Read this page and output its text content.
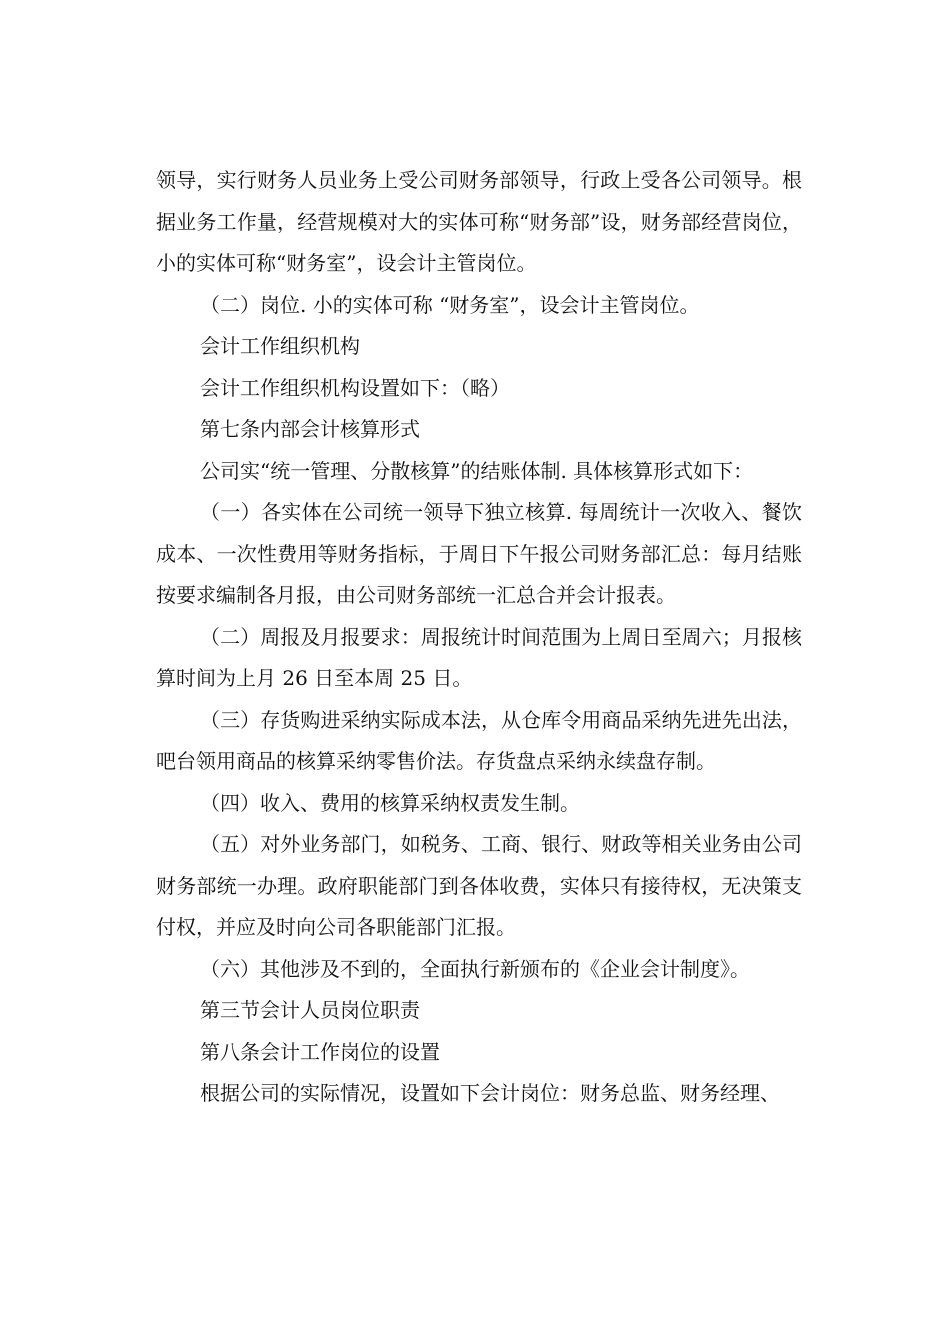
领导，实行财务人员业务上受公司财务部领导，行政上受各公司领导。根据业务工作量，经营规模对大的实体可称“财务部”设，财务部经营岗位，小的实体可称“财务室”，设会计主管岗位。

（二）岗位. 小的实体可称 “财务室”，设会计主管岗位。

会计工作组织机构

会计工作组织机构设置如下：（略）

第七条内部会计核算形式

公司实“统一管理、分散核算”的结账体制. 具体核算形式如下：

（一）各实体在公司统一领导下独立核算. 每周统计一次收入、餐饮成本、一次性费用等财务指标，于周日下午报公司财务部汇总：每月结账按要求编制各月报，由公司财务部统一汇总合并会计报表。

（二）周报及月报要求：周报统计时间范围为上周日至周六；月报核算时间为上月 26 日至本周 25 日。

（三）存货购进采纳实际成本法，从仓库令用商品采纳先进先出法，吧台领用商品的核算采纳零售价法。存货盘点采纳永续盘存制。

（四）收入、费用的核算采纳权责发生制。

（五）对外业务部门，如税务、工商、银行、财政等相关业务由公司财务部统一办理。政府职能部门到各体收费，实体只有接待权，无决策支付权，并应及时向公司各职能部门汇报。

（六）其他涉及不到的，全面执行新颁布的《企业会计制度》。

第三节会计人员岗位职责

第八条会计工作岗位的设置

根据公司的实际情况，设置如下会计岗位：财务总监、财务经理、
